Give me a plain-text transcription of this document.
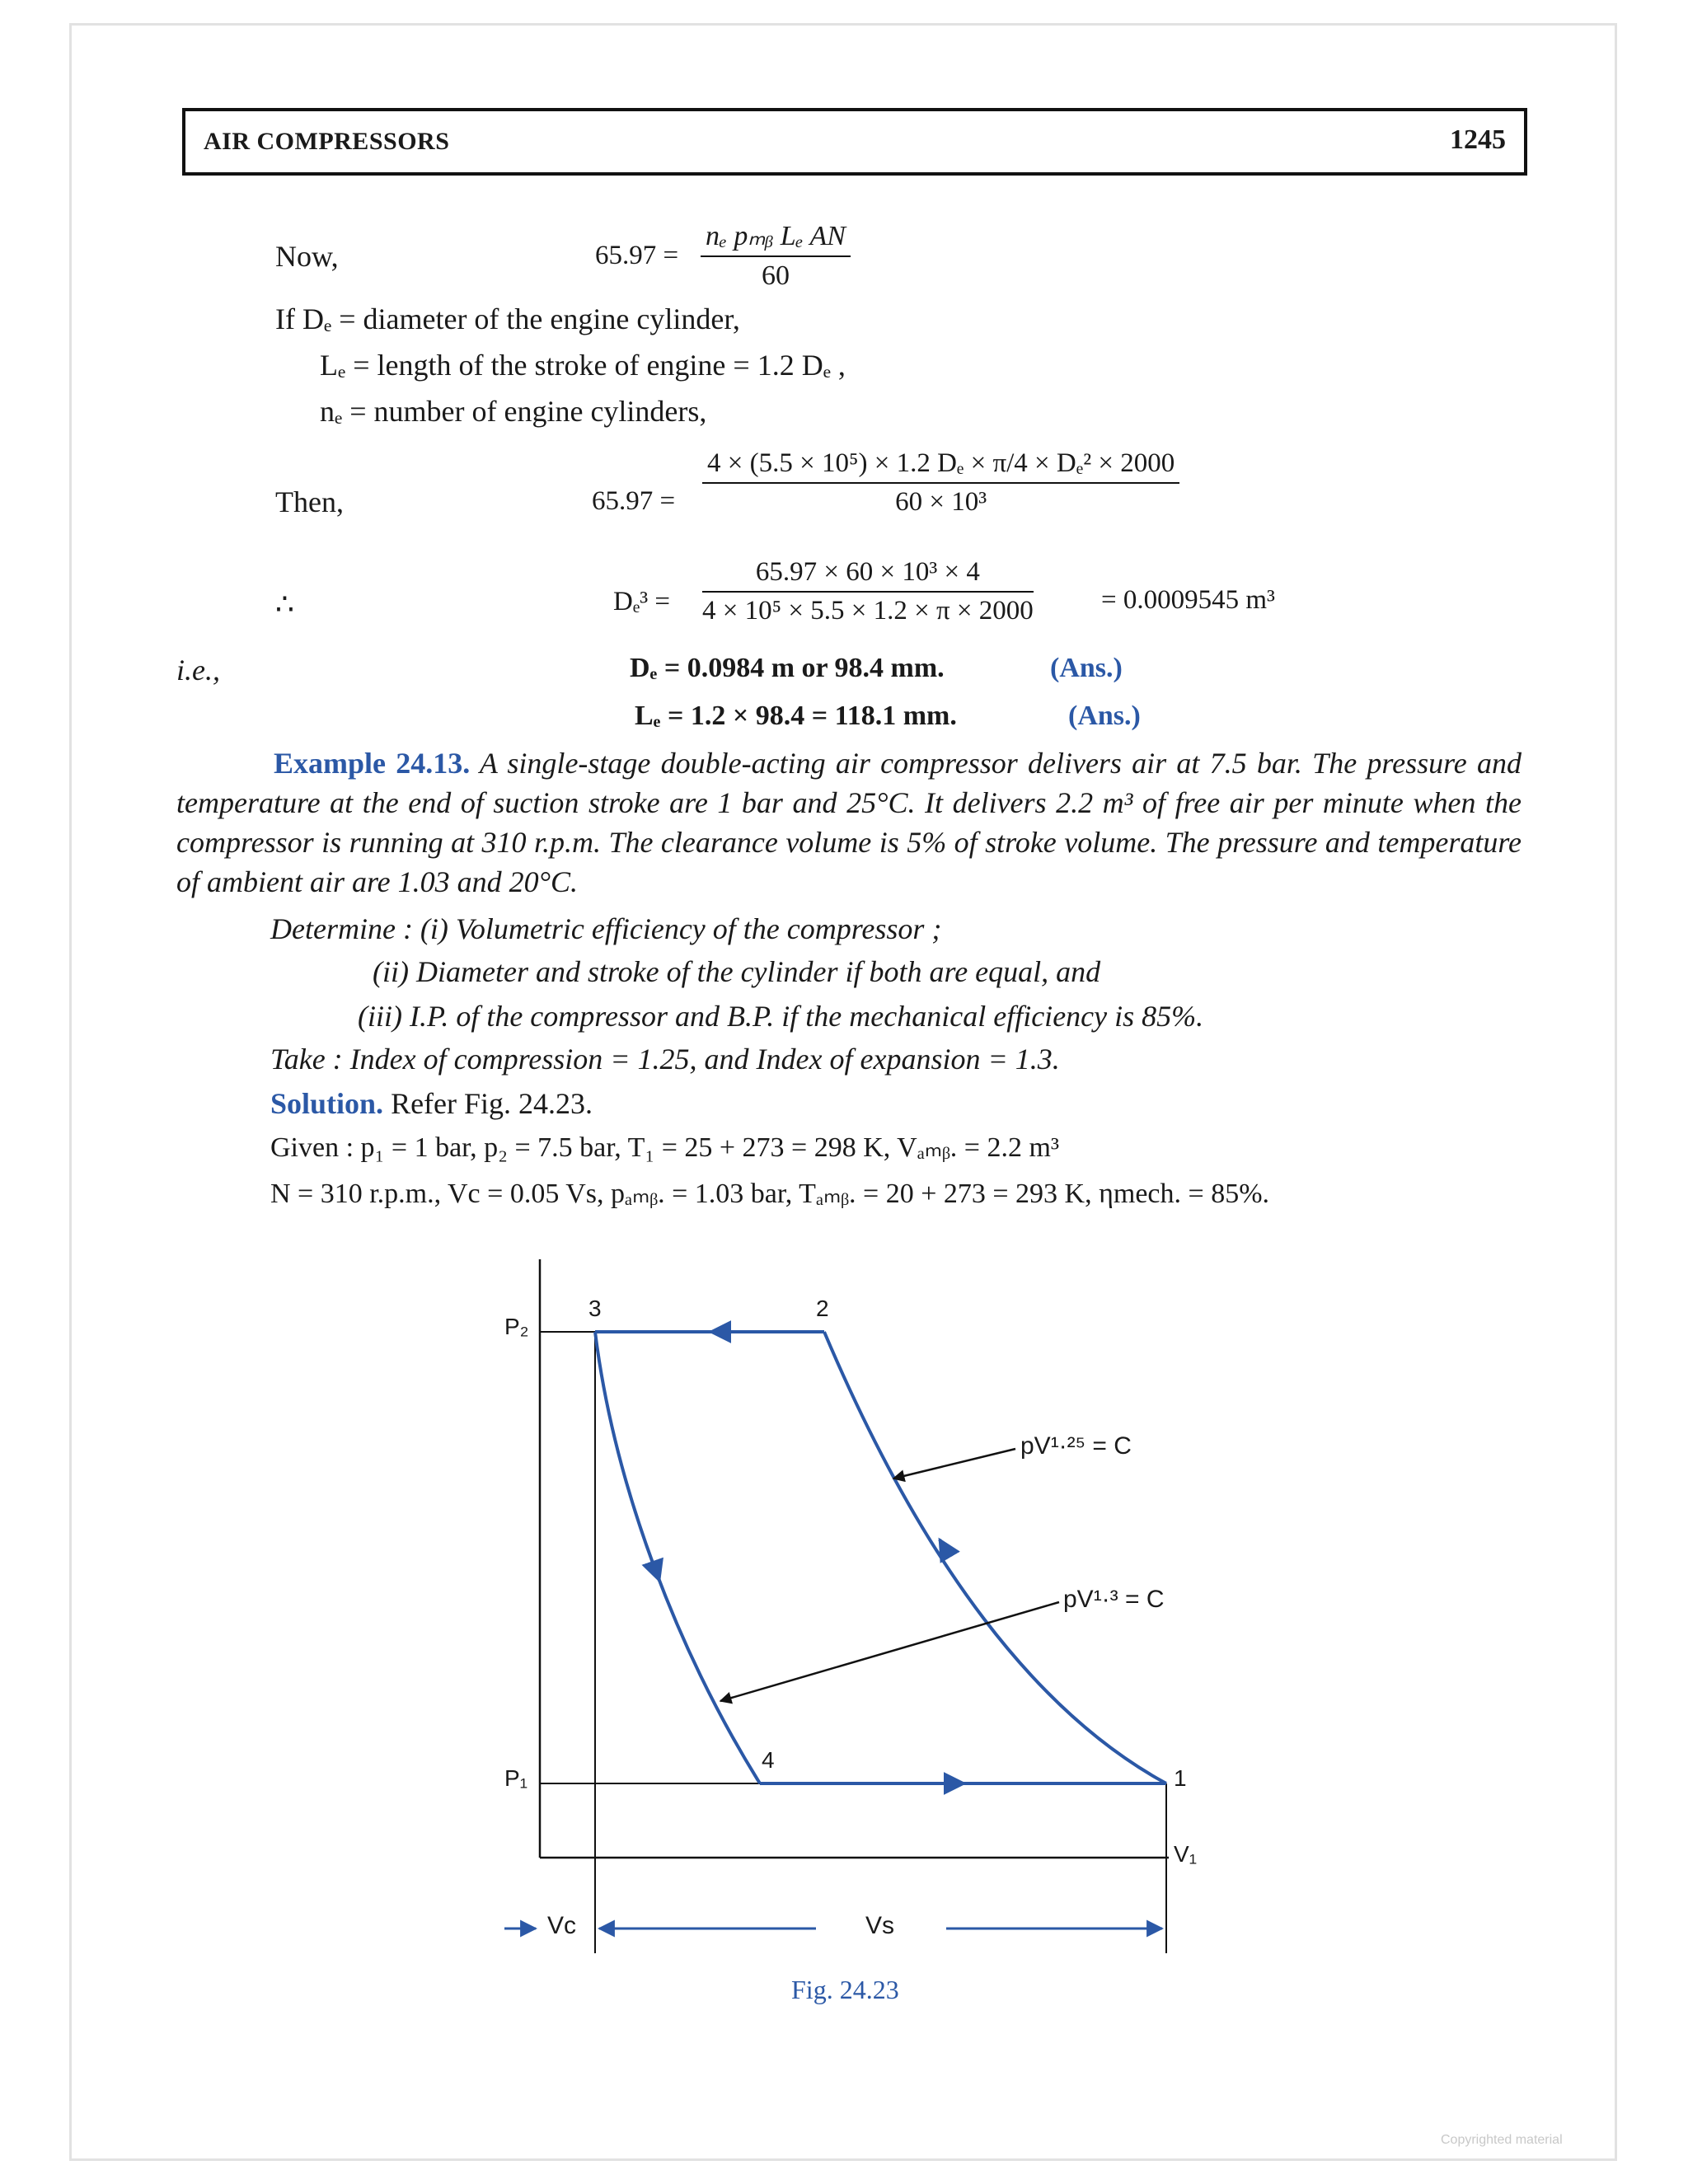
AIR COMPRESSORS	1245
Now,	65.97 =
nₑ pₘᵦ Lₑ AN
60
If Dₑ = diameter of the engine cylinder,
Lₑ = length of the stroke of engine = 1.2 Dₑ ,
nₑ = number of engine cylinders,
Then,	$65.97 = \frac{\text{4 × (5.5 × 10⁵) × 1.2 Dₑ × π/4 × Dₑ² × 2000}}{\text{60 × 10³}}$
∴	$D_e^3 = \frac{\text{65.97 × 60 × 10³ × 4}}{\text{4 × 10⁵ × 5.5 × 1.2 × π × 2000}} = 0.0009545$ m³
i.e.,	Dₑ = 0.0984 m or 98.4 mm.	(Ans.)
Lₑ = 1.2 × 98.4 = 118.1 mm.	(Ans.)
Example 24.13. A single-stage double-acting air compressor delivers air at 7.5 bar. The pressure and temperature at the end of suction stroke are 1 bar and 25°C. It delivers 2.2 m³ of free air per minute when the compressor is running at 310 r.p.m. The clearance volume is 5% of stroke volume. The pressure and temperature of ambient air are 1.03 and 20°C.
Determine : (i) Volumetric efficiency of the compressor ;
(ii) Diameter and stroke of the cylinder if both are equal, and
(iii) I.P. of the compressor and B.P. if the mechanical efficiency is 85%.
Take : Index of compression = 1.25, and Index of expansion = 1.3.
Solution. Refer Fig. 24.23.
Given : p₁ = 1 bar, p₂ = 7.5 bar, T₁ = 25 + 273 = 298 K, Vₐₘᵦ. = 2.2 m³
N = 310 r.p.m., Vc = 0.05 Vs, pₐₘᵦ. = 1.03 bar, Tₐₘᵦ. = 20 + 273 = 293 K, ηmech. = 85%.
P₂
P₁
3	2
4
1
pV¹·²⁵ = C
pV¹·³ = C
V₁
Vc	Vs
Fig. 24.23
Copyrighted material
